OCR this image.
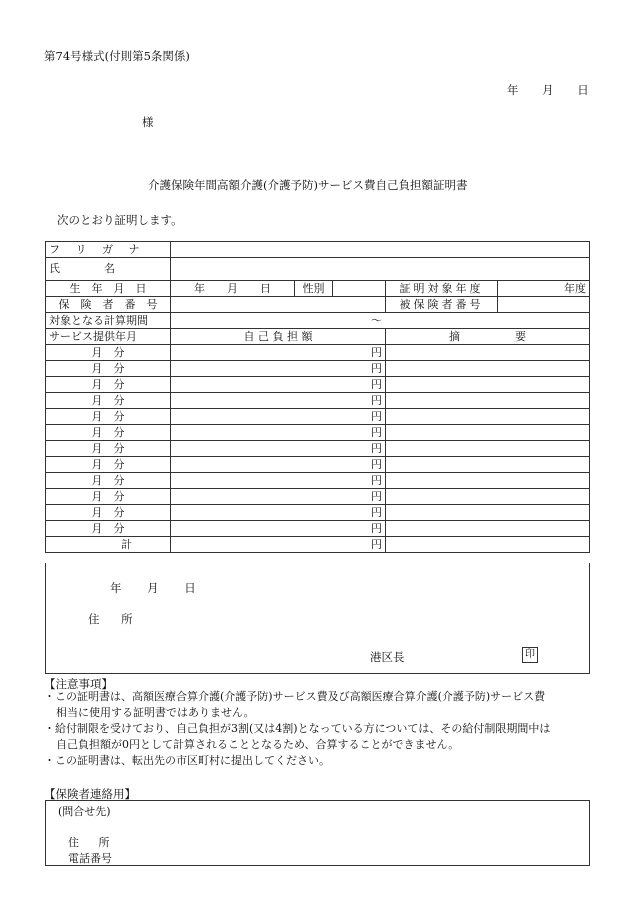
第74号様式(付則第5条関係)
年 月 日
様
介護保険年間高額介護(介護予防)サービス費自己負担額証明書
次のとおり証明します。
フ リ ガ ナ					
氏　　　　名					
生　年　月　日	年　　月　　日	性別		証明対象年度	年度
保　険　者　番　号				被保険者番号	
対象となる計算期間	〜				
サービス提供年月	自 己 負 担 額			摘　　　　　要	
月　分	円				
月　分	円				
月　分	円				
月　分	円				
月　分	円				
月　分	円				
月　分	円				
月　分	円				
月　分	円				
月　分	円				
月　分	円				
月　分	円				
計	円				
年 月 日
住 所
港区長	印
【注意事項】
・この証明書は、高額医療合算介護(介護予防)サービス費及び高額医療合算介護(介護予防)サービス費
相当に使用する証明書ではありません。
・給付制限を受けており、自己負担が3割(又は4割)となっている方については、その給付制限期間中は
自己負担額が0円として計算されることとなるため、合算することができません。
・この証明書は、転出先の市区町村に提出してください。
【保険者連絡用】
(問合せ先)
住 所
電話番号
